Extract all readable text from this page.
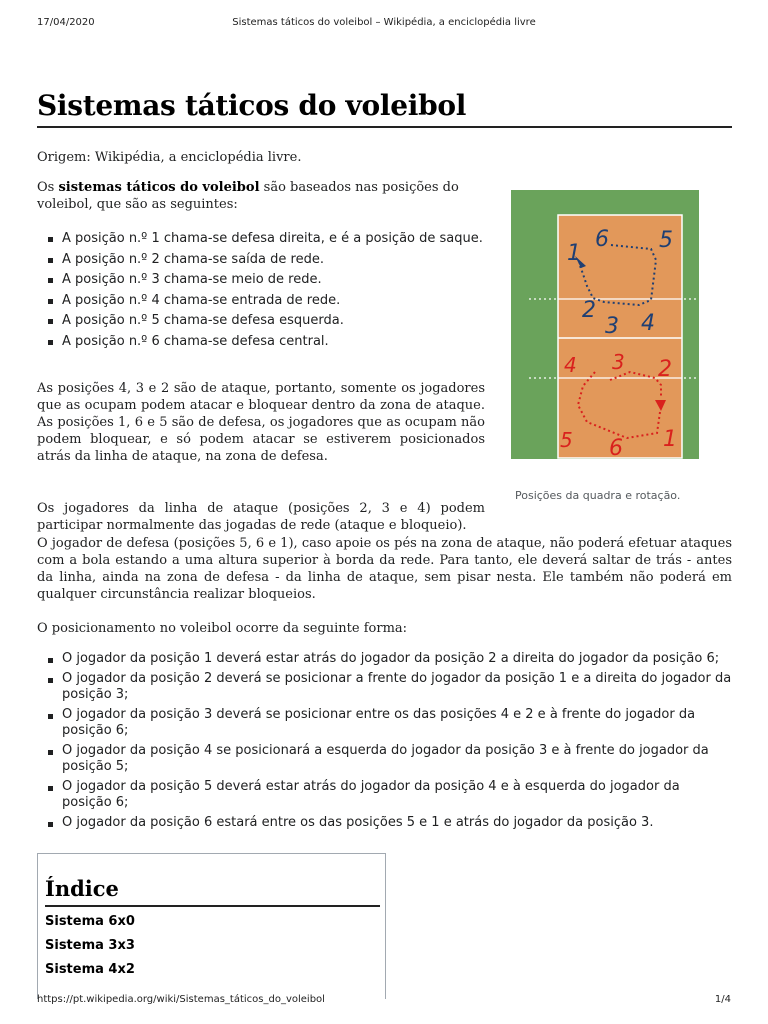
17/04/2020	Sistemas táticos do voleibol – Wikipédia, a enciclopédia livre
Sistemas táticos do voleibol
Origem: Wikipédia, a enciclopédia livre.
Os sistemas táticos do voleibol são baseados nas posições do voleibol, que são as seguintes:
A posição n.º 1 chama-se defesa direita, e é a posição de saque.
A posição n.º 2 chama-se saída de rede.
A posição n.º 3 chama-se meio de rede.
A posição n.º 4 chama-se entrada de rede.
A posição n.º 5 chama-se defesa esquerda.
A posição n.º 6 chama-se defesa central.
1
6 5
2
3 4
4 3 2
5 6 1
Posições da quadra e rotação.
As posições 4, 3 e 2 são de ataque, portanto, somente os jogadores que as ocupam podem atacar e bloquear dentro da zona de ataque. As posições 1, 6 e 5 são de defesa, os jogadores que as ocupam não podem bloquear, e só podem atacar se estiverem posicionados atrás da linha de ataque, na zona de defesa.
Os jogadores da linha de ataque (posições 2, 3 e 4) podem participar normalmente das jogadas de rede (ataque e bloqueio).
O jogador de defesa (posições 5, 6 e 1), caso apoie os pés na zona de ataque, não poderá efetuar ataques com a bola estando a uma altura superior à borda da rede. Para tanto, ele deverá saltar de trás - antes da linha, ainda na zona de defesa - da linha de ataque, sem pisar nesta. Ele também não poderá em qualquer circunstância realizar bloqueios.
O posicionamento no voleibol ocorre da seguinte forma:
O jogador da posição 1 deverá estar atrás do jogador da posição 2 a direita do jogador da posição 6;
O jogador da posição 2 deverá se posicionar a frente do jogador da posição 1 e a direita do jogador da posição 3;
O jogador da posição 3 deverá se posicionar entre os das posições 4 e 2 e à frente do jogador da posição 6;
O jogador da posição 4 se posicionará a esquerda do jogador da posição 3 e à frente do jogador da posição 5;
O jogador da posição 5 deverá estar atrás do jogador da posição 4 e à esquerda do jogador da posição 6;
O jogador da posição 6 estará entre os das posições 5 e 1 e atrás do jogador da posição 3.
Índice
Sistema 6x0
Sistema 3x3
Sistema 4x2
https://pt.wikipedia.org/wiki/Sistemas_táticos_do_voleibol	1/4
